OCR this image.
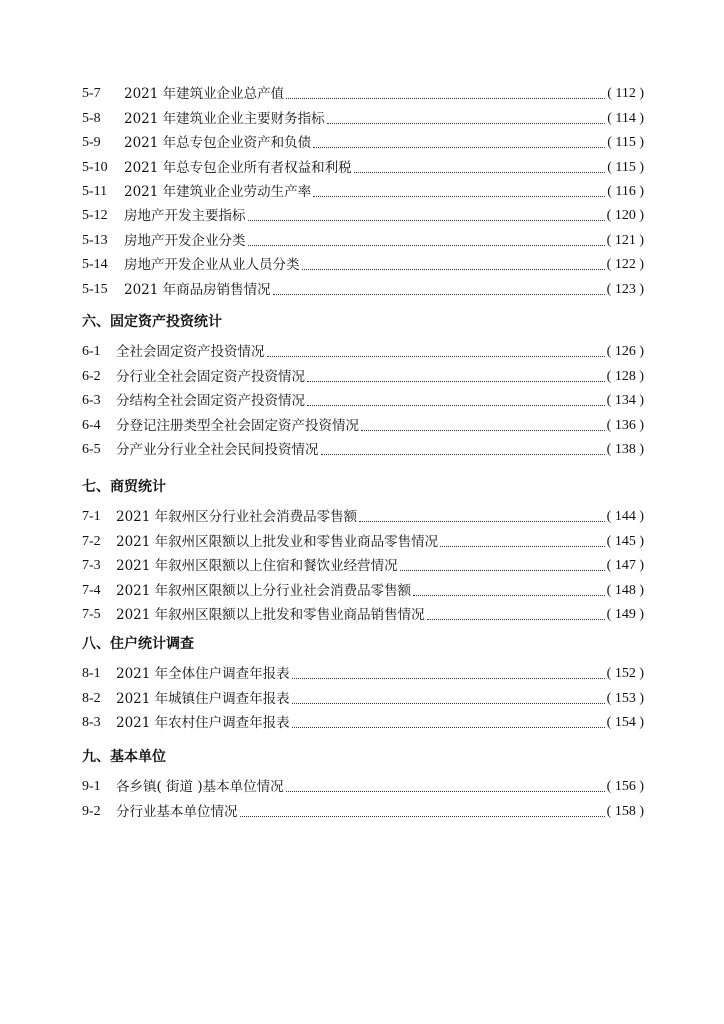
5-7	2021 年建筑业企业总产值	( 112 )
5-8	2021 年建筑业企业主要财务指标	( 114 )
5-9	2021 年总专包企业资产和负债	( 115 )
5-10	2021 年总专包企业所有者权益和利税	( 115 )
5-11	2021 年建筑业企业劳动生产率	( 116 )
5-12	房地产开发主要指标	( 120 )
5-13	房地产开发企业分类	( 121 )
5-14	房地产开发企业从业人员分类	( 122 )
5-15	2021 年商品房销售情况	( 123 )
六、固定资产投资统计
6-1	全社会固定资产投资情况	( 126 )
6-2	分行业全社会固定资产投资情况	( 128 )
6-3	分结构全社会固定资产投资情况	( 134 )
6-4	分登记注册类型全社会固定资产投资情况	( 136 )
6-5	分产业分行业全社会民间投资情况	( 138 )
七、商贸统计
7-1	2021 年叙州区分行业社会消费品零售额	( 144 )
7-2	2021 年叙州区限额以上批发业和零售业商品零售情况	( 145 )
7-3	2021 年叙州区限额以上住宿和餐饮业经营情况	( 147 )
7-4	2021 年叙州区限额以上分行业社会消费品零售额	( 148 )
7-5	2021 年叙州区限额以上批发和零售业商品销售情况	( 149 )
八、住户统计调查
8-1	2021 年全体住户调查年报表	( 152 )
8-2	2021 年城镇住户调查年报表	( 153 )
8-3	2021 年农村住户调查年报表	( 154 )
九、基本单位
9-1	各乡镇( 街道 )基本单位情况	( 156 )
9-2	分行业基本单位情况	( 158 )
